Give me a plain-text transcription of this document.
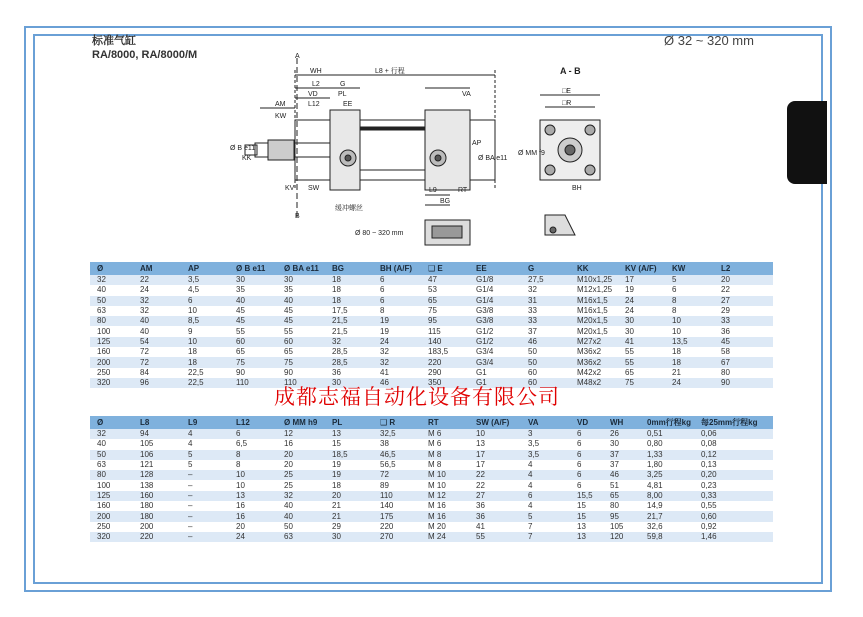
标准气缸
RA/8000, RA/8000/M
Ø 32 ~ 320 mm
A - B
A
B
WH	L8 + 行程
L2	G
VD	PL
L12	EE
AM
KW
Ø B e11
KK
KV SW
缓冲螺丝
VA
AP
Ø BA e11
L9	RT
BG
□E
□R
Ø MM f9
BH
Ø 80 ~ 320 mm
Ø	AM	AP	Ø B e11	Ø BA e11	BG	BH (A/F)	❑ E	EE	G	KK	KV (A/F)	KW	L2
32	22	3,5	30	30	18	6	47	G1/8	27,5	M10x1,25	17	5	20
40	24	4,5	35	35	18	6	53	G1/4	32	M12x1,25	19	6	22
50	32	6	40	40	18	6	65	G1/4	31	M16x1,5	24	8	27
63	32	10	45	45	17,5	8	75	G3/8	33	M16x1,5	24	8	29
80	40	8,5	45	45	21,5	19	95	G3/8	33	M20x1,5	30	10	33
100	40	9	55	55	21,5	19	115	G1/2	37	M20x1,5	30	10	36
125	54	10	60	60	32	24	140	G1/2	46	M27x2	41	13,5	45
160	72	18	65	65	28,5	32	183,5	G3/4	50	M36x2	55	18	58
200	72	18	75	75	28,5	32	220	G3/4	50	M36x2	55	18	67
250	84	22,5	90	90	36	41	290	G1	60	M42x2	65	21	80
320	96	22,5	110	110	30	46	350	G1	60	M48x2	75	24	90
Ø	L8	L9	L12	Ø MM h9	PL	❑ R	RT	SW (A/F)	VA	VD	WH	0mm行程kg	每25mm行程kg
32	94	4	6	12	13	32,5	M 6	10	3	6	26	0,51	0,06
40	105	4	6,5	16	15	38	M 6	13	3,5	6	30	0,80	0,08
50	106	5	8	20	18,5	46,5	M 8	17	3,5	6	37	1,33	0,12
63	121	5	8	20	19	56,5	M 8	17	4	6	37	1,80	0,13
80	128	–	10	25	19	72	M 10	22	4	6	46	3,25	0,20
100	138	–	10	25	18	89	M 10	22	4	6	51	4,81	0,23
125	160	–	13	32	20	110	M 12	27	6	15,5	65	8,00	0,33
160	180	–	16	40	21	140	M 16	36	4	15	80	14,9	0,55
200	180	–	16	40	21	175	M 16	36	5	15	95	21,7	0,60
250	200	–	20	50	29	220	M 20	41	7	13	105	32,6	0,92
320	220	–	24	63	30	270	M 24	55	7	13	120	59,8	1,46
成都志福自动化设备有限公司
